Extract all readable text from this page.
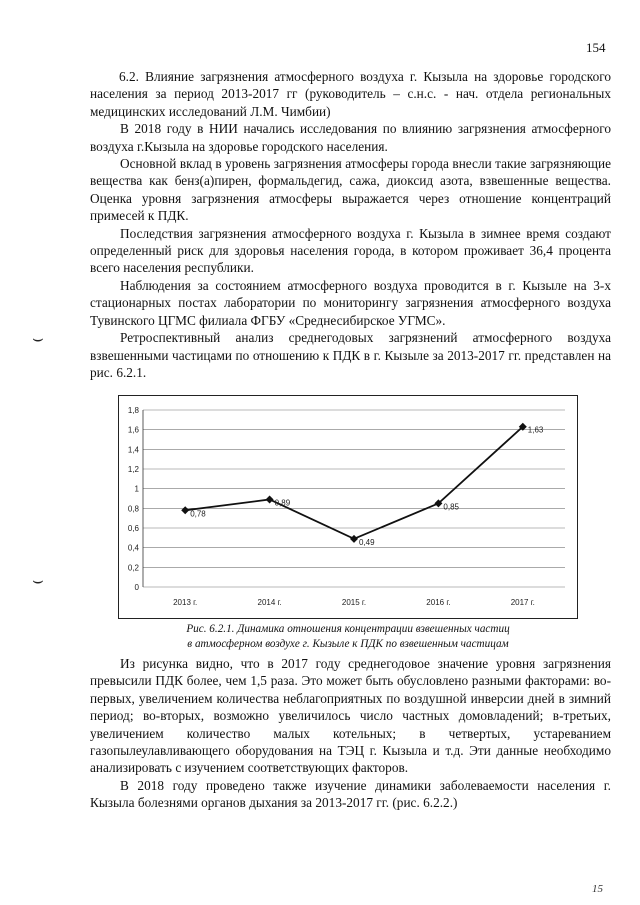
154

6.2. Влияние загрязнения атмосферного воздуха г. Кызыла на здоровье городского населения за период 2013-2017 гг (руководитель – с.н.с. - нач. отдела региональных медицинских исследований Л.М. Чимбии)

В 2018 году в НИИ начались исследования по влиянию загрязнения атмосферного воздуха г.Кызыла на здоровье городского населения.

Основной вклад в уровень загрязнения атмосферы города внесли такие загрязняющие вещества как бенз(а)пирен, формальдегид, сажа, диоксид азота, взвешенные вещества. Оценка уровня загрязнения атмосферы выражается через отношение концентраций примесей к ПДК.

Последствия загрязнения атмосферного воздуха г. Кызыла в зимнее время создают определенный риск для здоровья населения города, в котором проживает 36,4 процента всего населения республики.

Наблюдения за состоянием атмосферного воздуха проводится в г. Кызыле на 3-х стационарных постах лаборатории по мониторингу загрязнения атмосферного воздуха Тувинского ЦГМС филиала ФГБУ «Среднесибирское УГМС».

Ретроспективный анализ среднегодовых загрязнений атмосферного воздуха взвешенными частицами по отношению к ПДК в г. Кызыле за 2013-2017 гг. представлен на рис. 6.2.1.

⌣
⌣	0
0,2
0,4
0,6
0,8
1
1,2
1,4
1,6
1,8
2013 г.	2014 г.	2015 г.	2016 г.	2017 г.
0,78
0,89
0,49
0,85
1,63
Рис. 6.2.1. Динамика отношения концентрации взвешенных частиц
в атмосферном воздухе г. Кызыле к ПДК по взвешенным частицам

Из рисунка видно, что в 2017 году среднегодовое значение уровня загрязнения превысили ПДК более, чем 1,5 раза. Это может быть обусловлено разными факторами: во-первых, увеличением количества неблагоприятных по воздушной инверсии дней в зимний период; во-вторых, возможно увеличилось число частных домовладений; в-третьих, увеличением количество малых котельных; в четвертых, устареванием газопылеулавливающего оборудования на ТЭЦ г. Кызыла и т.д. Эти данные необходимо анализировать с изучением соответствующих факторов.

В 2018 году проведено также изучение динамики заболеваемости населения г. Кызыла болезнями органов дыхания за 2013-2017 гг. (рис. 6.2.2.)

15
